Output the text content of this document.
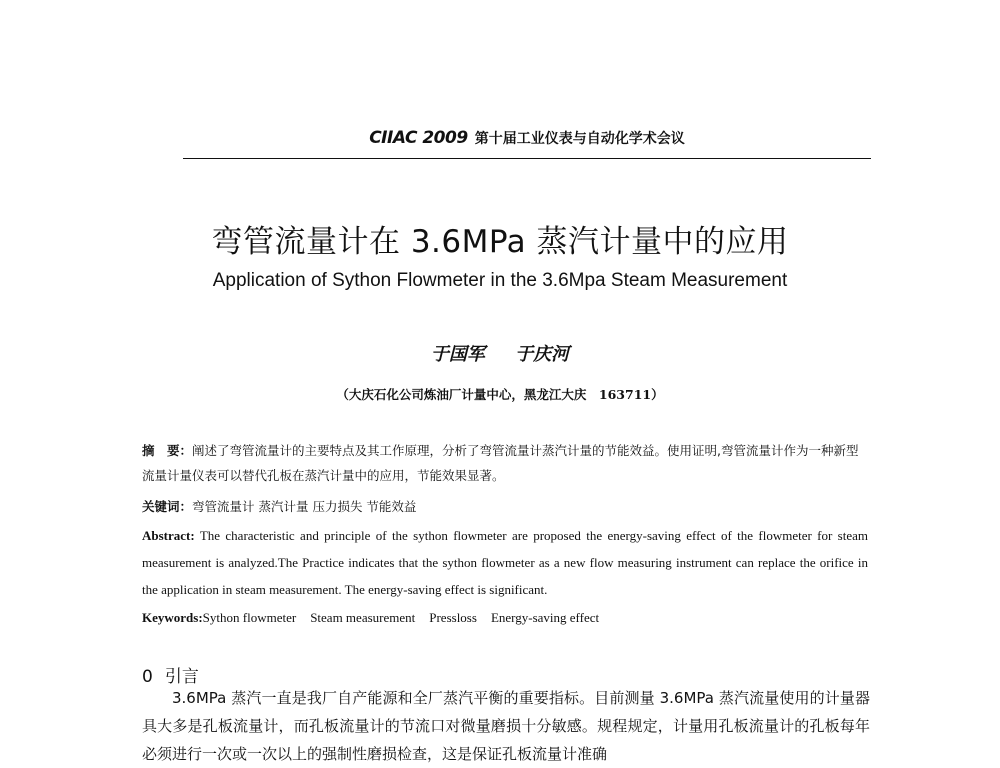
CIIAC 2009 第十届工业仪表与自动化学术会议
弯管流量计在 3.6MPa 蒸汽计量中的应用
Application of Sython Flowmeter in the 3.6Mpa Steam Measurement
于国军 于庆河
（大庆石化公司炼油厂计量中心，黑龙江大庆　163711）
摘　要：阐述了弯管流量计的主要特点及其工作原理，分析了弯管流量计蒸汽计量的节能效益。使用证明,弯管流量计作为一种新型流量计量仪表可以替代孔板在蒸汽计量中的应用，节能效果显著。
关键词：弯管流量计 蒸汽计量 压力损失 节能效益
Abstract: The characteristic and principle of the sython flowmeter are proposed the energy-saving effect of the flowmeter for steam measurement is analyzed.The Practice indicates that the sython flowmeter as a new flow measuring instrument can replace the orifice in the application in steam measurement. The energy-saving effect is significant.
Keywords:Sython flowmeter Steam measurement Pressloss Energy-saving effect
0 引言
3.6MPa 蒸汽一直是我厂自产能源和全厂蒸汽平衡的重要指标。目前测量 3.6MPa 蒸汽流量使用的计量器具大多是孔板流量计，而孔板流量计的节流口对微量磨损十分敏感。规程规定，计量用孔板流量计的孔板每年必须进行一次或一次以上的强制性磨损检查，这是保证孔板流量计准确
